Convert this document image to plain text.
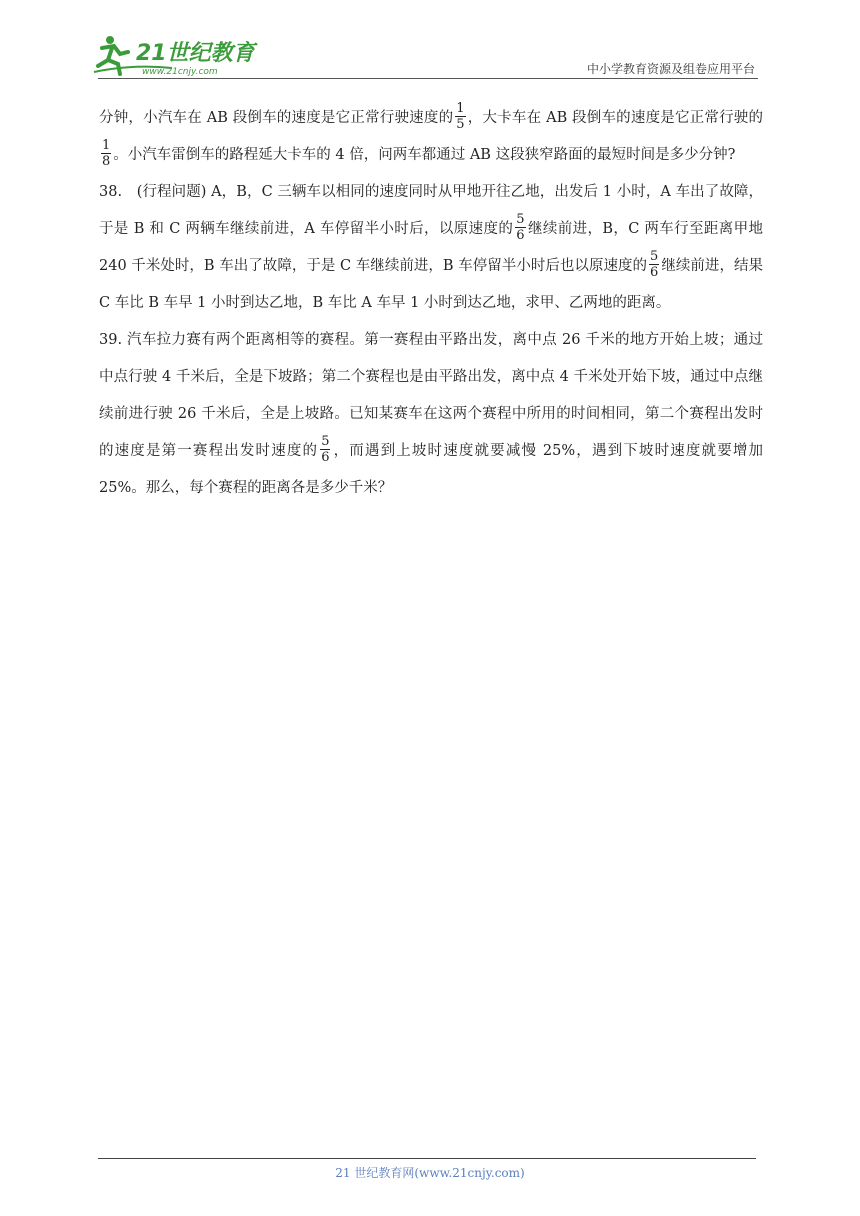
21世纪教育
www.21cnjy.com	中小学教育资源及组卷应用平台

分钟，小汽车在 AB 段倒车的速度是它正常行驶速度的 $\frac{1}{5}$ ，大卡车在 AB 段倒车的速度是它正常行驶的
$\frac{1}{8}$ 。小汽车雷倒车的路程延大卡车的 4 倍，问两车都通过 AB 这段狭窄路面的最短时间是多少分钟?

38.　(行程问题) A，B，C 三辆车以相同的速度同时从甲地开往乙地，出发后 1 小时，A 车出了故障，于是 B 和 C 两辆车继续前进，A 车停留半小时后，以原速度的 $\frac{5}{6}$ 继续前进，B，C 两车行至距离甲地 240 千米处时，B 车出了故障，于是 C 车继续前进，B 车停留半小时后也以原速度的 $\frac{5}{6}$ 继续前进，结果 C 车比 B 车早 1 小时到达乙地，B 车比 A 车早 1 小时到达乙地，求甲、乙两地的距离。

39. 汽车拉力赛有两个距离相等的赛程。第一赛程由平路出发，离中点 26 千米的地方开始上坡；通过中点行驶 4 千米后，全是下坡路；第二个赛程也是由平路出发，离中点 4 千米处开始下坡，通过中点继续前进行驶 26 千米后，全是上坡路。已知某赛车在这两个赛程中所用的时间相同，第二个赛程出发时的速度是第一赛程出发时速度的 $\frac{5}{6}$ ，而遇到上坡时速度就要减慢 25%，遇到下坡时速度就要增加 25%。那么，每个赛程的距离各是多少千米？

21 世纪教育网(www.21cnjy.com)
